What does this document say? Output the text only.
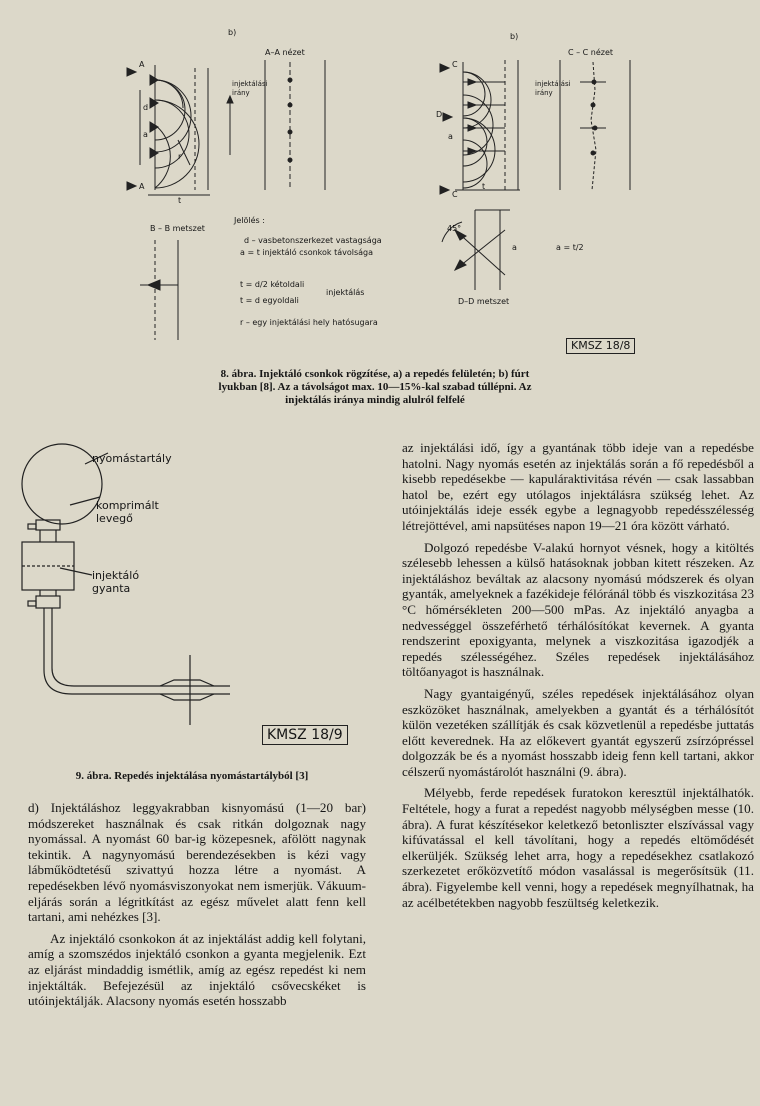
b)	b)
A–A nézet	C – C nézet
A
A
C
C
D
d
a
t
t
a
r
injektálási irány
injektálási irány
B – B metszet
D–D metszet
45°
a	a = t/2
Jelölés :
d – vasbetonszerkezet vastagsága
a = t injektáló csonkok távolsága
t = d/2 kétoldali
t = d egyoldali
injektálás
r – egy injektálási hely hatósugara
KMSZ 18/8
8. ábra. Injektáló csonkok rögzítése, a) a repedés felületén; b) fúrt lyukban [8]. Az a távolságot max. 10—15%-kal szabad túllépni. Az injektálás iránya mindig alulról felfelé
nyomástartály
komprimált levegő
injektáló gyanta
KMSZ 18/9
9. ábra. Repedés injektálása nyomástartályból [3]

d) Injektáláshoz leggyakrabban kisnyomású (1—20 bar) módszereket használnak és csak ritkán dolgoznak nagy nyomással. A nyomást 60 bar-ig közepesnek, afölött nagynak tekintik. A nagynyomású berendezésekben is kézi vagy lábműködtetésű szivattyú hozza létre a nyomást. A repedésekben lévő nyomásviszonyokat nem ismerjük. Vákuum-eljárás során a légritkítást az egész művelet alatt fenn kell tartani, ami nehézkes [3].

Az injektáló csonkokon át az injektálást addig kell folytani, amíg a szomszédos injektáló csonkon a gyanta megjelenik. Ezt az eljárást mindaddig ismétlik, amíg az egész repedést ki nem injektálták. Befejezésül az injektáló csővecskéket is utóinjektálják. Alacsony nyomás esetén hosszabb

az injektálási idő, így a gyantának több ideje van a repedésbe hatolni. Nagy nyomás esetén az injektálás során a fő repedésből a kisebb repedésekbe — kapuláraktivitása révén — csak lassabban hatol be, ezért egy utólagos injektálásra szükség lehet. Az utóinjektálás ideje essék egybe a legnagyobb repedésszélesség létrejöttével, ami napsütéses napon 19—21 óra között várható.

Dolgozó repedésbe V-alakú hornyot vésnek, hogy a kitöltés szélesebb lehessen a külső hatásoknak jobban kitett részeken. Az injektáláshoz beváltak az alacsony nyomású módszerek és olyan gyanták, amelyeknek a fazékideje félóránál több és viszkozitása 23 °C hőmérsékleten 200—500 mPas. Az injektáló anyagba a nedvességgel összeférhető térhálósítókat kevernek. A gyanta rendszerint epoxigyanta, melynek a viszkozitása igazodjék a repedés szélességéhez. Széles repedések injektálásához töltőanyagot is használnak.

Nagy gyantaigényű, széles repedések injektálásához olyan eszközöket használnak, amelyekben a gyantát és a térhálósítót külön vezetéken szállítják és csak közvetlenül a repedésbe juttatás előtt keverednek. Ha az előkevert gyantát egyszerű zsírzópréssel dolgozzák be és a nyomást hosszabb ideig fenn kell tartani, akkor célszerű nyomástárolót használni (9. ábra).

Mélyebb, ferde repedések furatokon keresztül injektálhatók. Feltétele, hogy a furat a repedést nagyobb mélységben messe (10. ábra). A furat készítésekor keletkező betonliszter elszívással vagy kifúvatással el kell távolítani, hogy a repedés eltömődését elkerüljék. Szükség lehet arra, hogy a repedésekhez csatlakozó szerkezetet erőközvetítő módon vasalással is megerősítsük (11. ábra). Figyelembe kell venni, hogy a repedések megnyílhatnak, ha az acélbetétekben nagyobb feszültség keletkezik.
